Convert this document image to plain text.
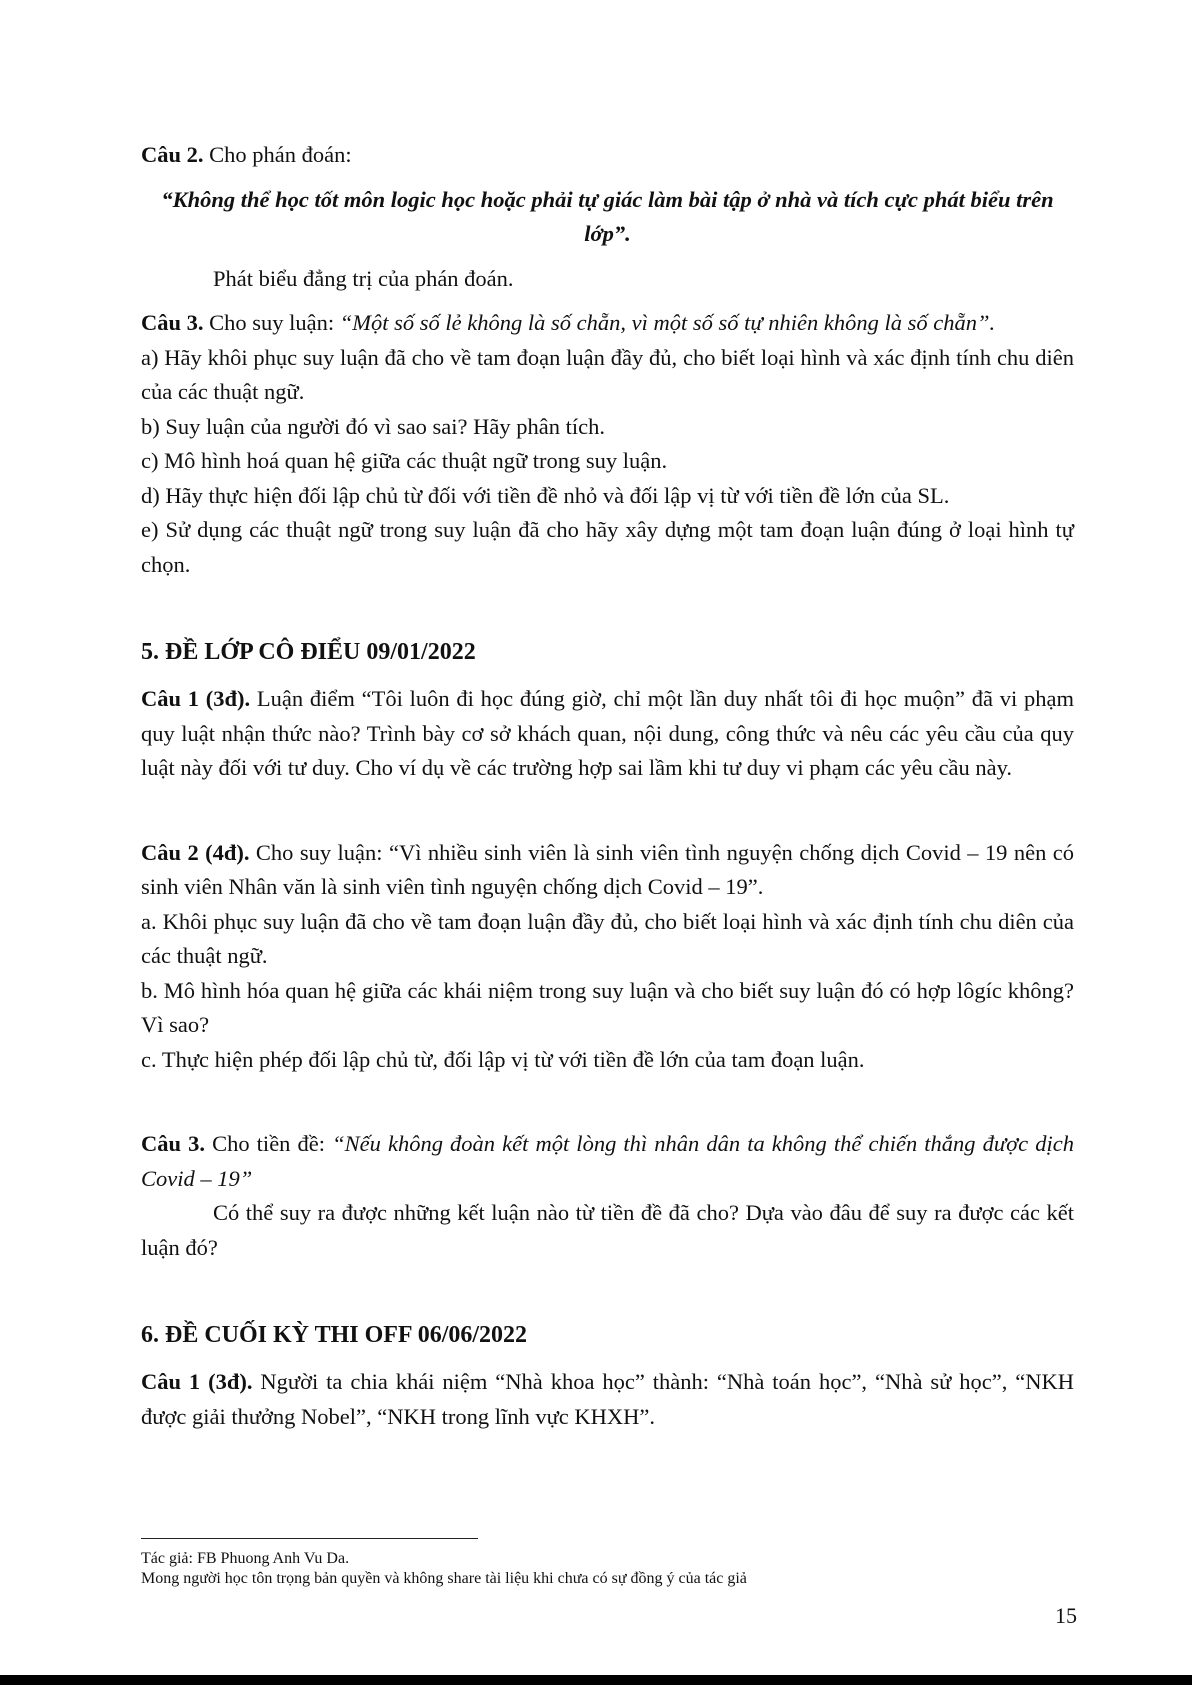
Câu 2. Cho phán đoán:

“Không thể học tốt môn logic học hoặc phải tự giác làm bài tập ở nhà và tích cực phát biểu trên lớp”.

Phát biểu đẳng trị của phán đoán.

Câu 3. Cho suy luận: “Một số số lẻ không là số chẵn, vì một số số tự nhiên không là số chẵn”.

a) Hãy khôi phục suy luận đã cho về tam đoạn luận đầy đủ, cho biết loại hình và xác định tính chu diên của các thuật ngữ.

b) Suy luận của người đó vì sao sai? Hãy phân tích.

c) Mô hình hoá quan hệ giữa các thuật ngữ trong suy luận.

d) Hãy thực hiện đối lập chủ từ đối với tiền đề nhỏ và đối lập vị từ với tiền đề lớn của SL.

e) Sử dụng các thuật ngữ trong suy luận đã cho hãy xây dựng một tam đoạn luận đúng ở loại hình tự chọn.

5. ĐỀ LỚP CÔ ĐIỂU 09/01/2022

Câu 1 (3đ). Luận điểm “Tôi luôn đi học đúng giờ, chỉ một lần duy nhất tôi đi học muộn” đã vi phạm quy luật nhận thức nào? Trình bày cơ sở khách quan, nội dung, công thức và nêu các yêu cầu của quy luật này đối với tư duy. Cho ví dụ về các trường hợp sai lầm khi tư duy vi phạm các yêu cầu này.

Câu 2 (4đ). Cho suy luận: “Vì nhiều sinh viên là sinh viên tình nguyện chống dịch Covid – 19 nên có sinh viên Nhân văn là sinh viên tình nguyện chống dịch Covid – 19”.

a. Khôi phục suy luận đã cho về tam đoạn luận đầy đủ, cho biết loại hình và xác định tính chu diên của các thuật ngữ.

b. Mô hình hóa quan hệ giữa các khái niệm trong suy luận và cho biết suy luận đó có hợp lôgíc không? Vì sao?

c. Thực hiện phép đối lập chủ từ, đối lập vị từ với tiền đề lớn của tam đoạn luận.

Câu 3. Cho tiền đề: “Nếu không đoàn kết một lòng thì nhân dân ta không thể chiến thắng được dịch Covid – 19”

Có thể suy ra được những kết luận nào từ tiền đề đã cho? Dựa vào đâu để suy ra được các kết luận đó?

6. ĐỀ CUỐI KỲ THI OFF 06/06/2022

Câu 1 (3đ). Người ta chia khái niệm “Nhà khoa học” thành: “Nhà toán học”, “Nhà sử học”, “NKH được giải thưởng Nobel”, “NKH trong lĩnh vực KHXH”.

Tác giả: FB Phuong Anh Vu Da.
Mong người học tôn trọng bản quyền và không share tài liệu khi chưa có sự đồng ý của tác giả
15
